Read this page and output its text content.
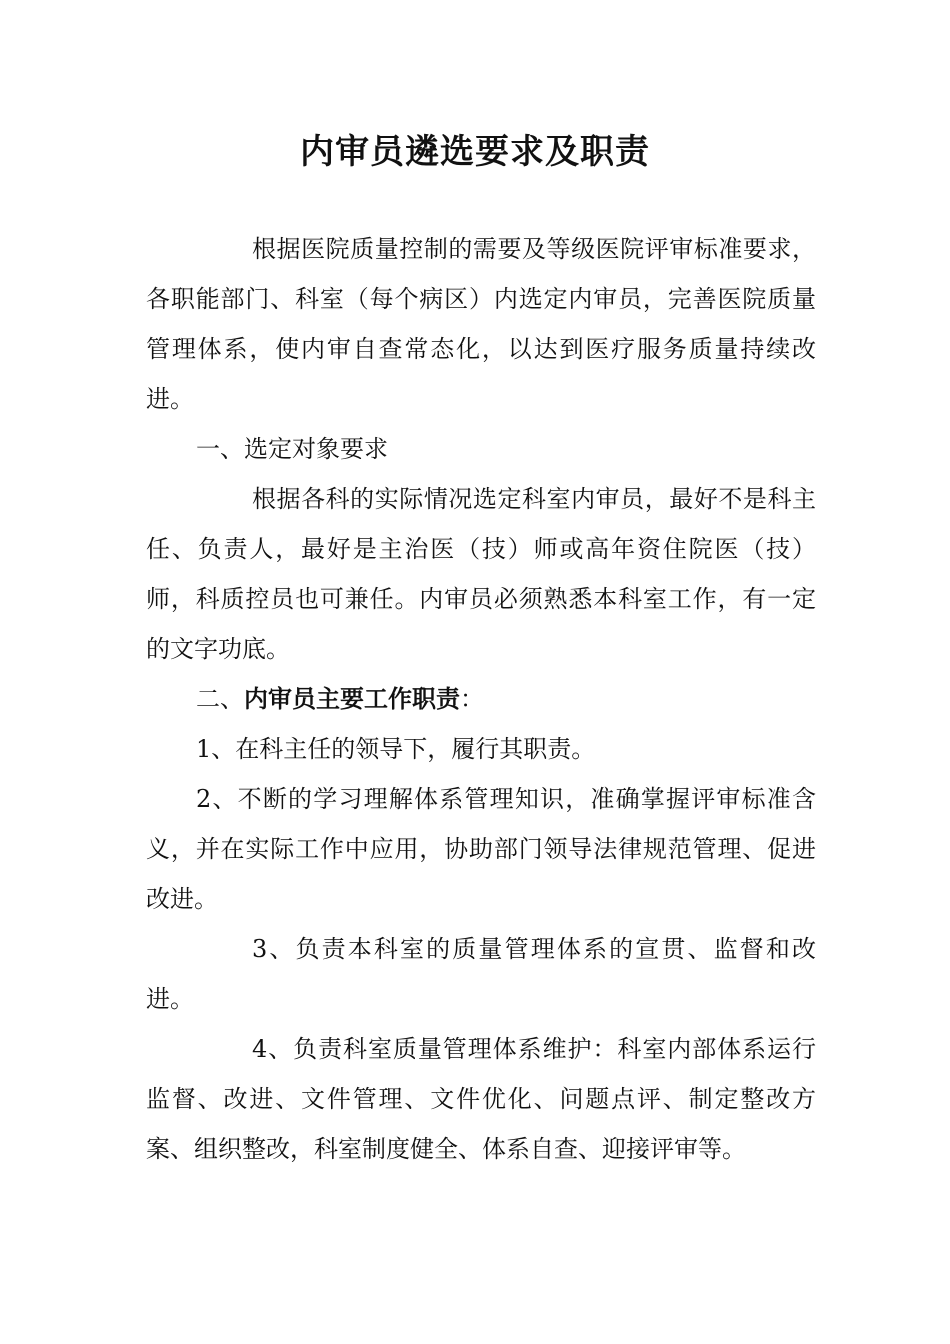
内审员遴选要求及职责

根据医院质量控制的需要及等级医院评审标准要求，各职能部门、科室（每个病区）内选定内审员，完善医院质量管理体系，使内审自查常态化，以达到医疗服务质量持续改进。

一、选定对象要求

根据各科的实际情况选定科室内审员，最好不是科主任、负责人，最好是主治医（技）师或高年资住院医（技）师，科质控员也可兼任。内审员必须熟悉本科室工作，有一定的文字功底。

二、内审员主要工作职责：

1、在科主任的领导下，履行其职责。

2、不断的学习理解体系管理知识，准确掌握评审标准含义，并在实际工作中应用，协助部门领导法律规范管理、促进改进。

3、负责本科室的质量管理体系的宣贯、监督和改进。

4、负责科室质量管理体系维护：科室内部体系运行监督、改进、文件管理、文件优化、问题点评、制定整改方案、组织整改，科室制度健全、体系自查、迎接评审等。
